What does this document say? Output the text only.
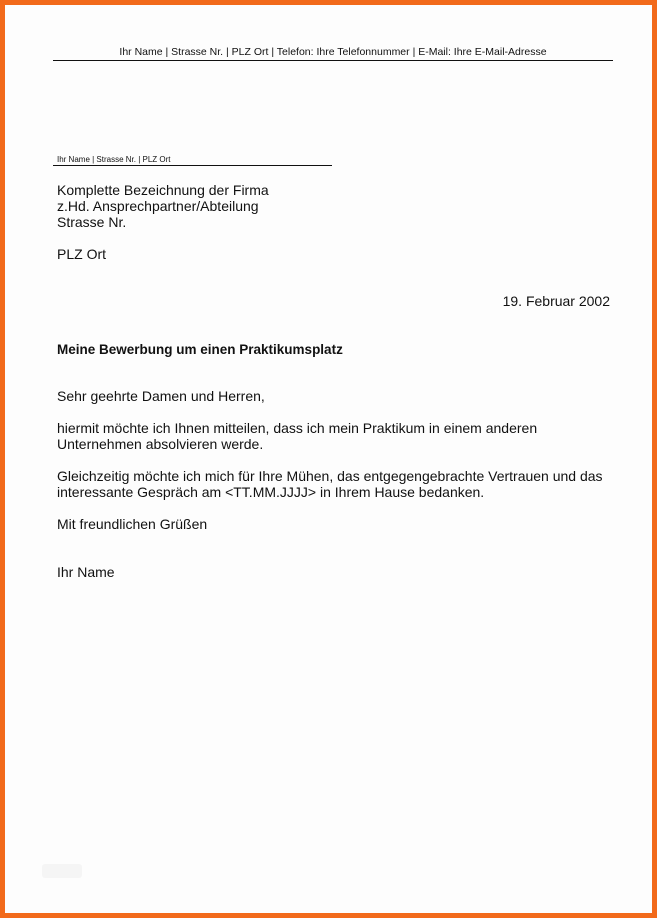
Ihr Name | Strasse Nr. | PLZ Ort | Telefon: Ihre Telefonnummer | E-Mail: Ihre E-Mail-Adresse
Ihr Name | Strasse Nr. | PLZ Ort
Komplette Bezeichnung der Firma
z.Hd. Ansprechpartner/Abteilung
Strasse Nr.
PLZ Ort
19. Februar 2002
Meine Bewerbung um einen Praktikumsplatz

Sehr geehrte Damen und Herren,

hiermit möchte ich Ihnen mitteilen, dass ich mein Praktikum in einem anderen
Unternehmen absolvieren werde.

Gleichzeitig möchte ich mich für Ihre Mühen, das entgegengebrachte Vertrauen und das
interessante Gespräch am <TT.MM.JJJJ> in Ihrem Hause bedanken.

Mit freundlichen Grüßen

Ihr Name
